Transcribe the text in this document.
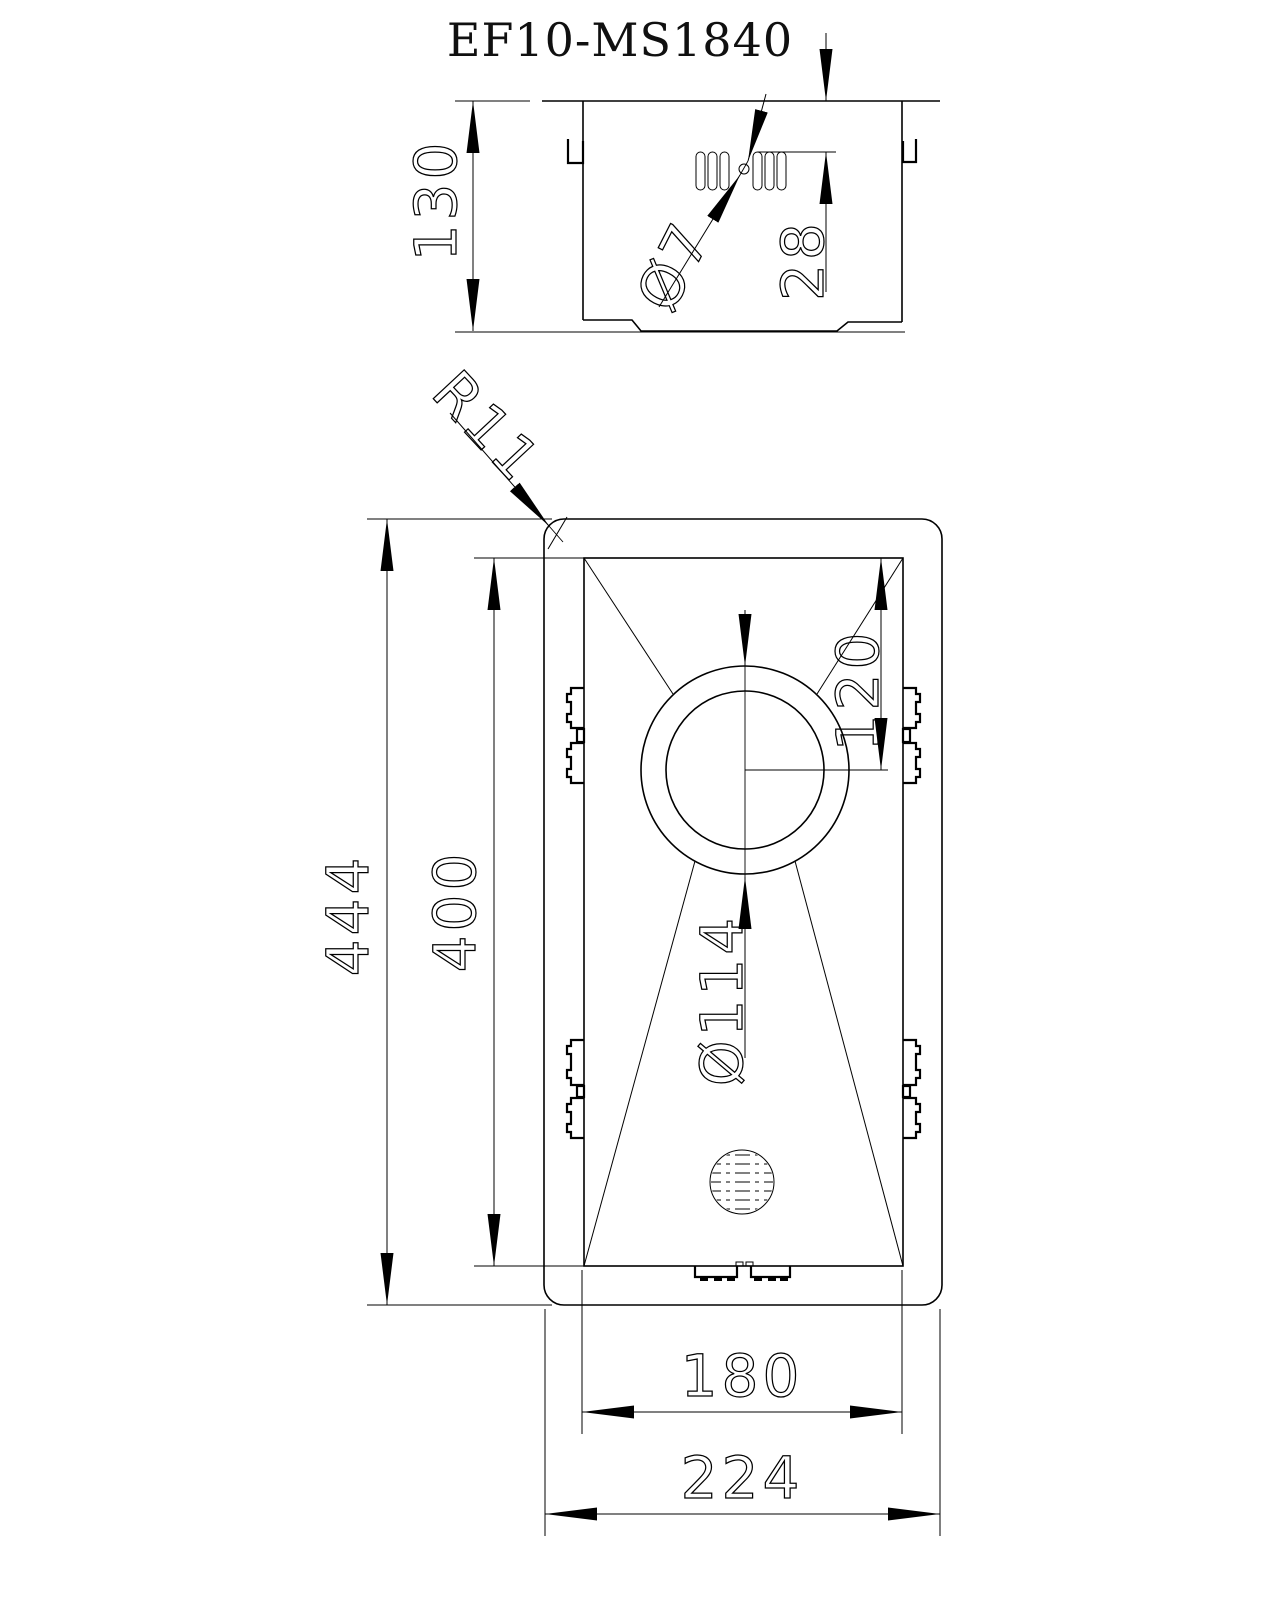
EF10-MS1840
Ø7
130	28
120
Ø114
R11
444 400
180
224
